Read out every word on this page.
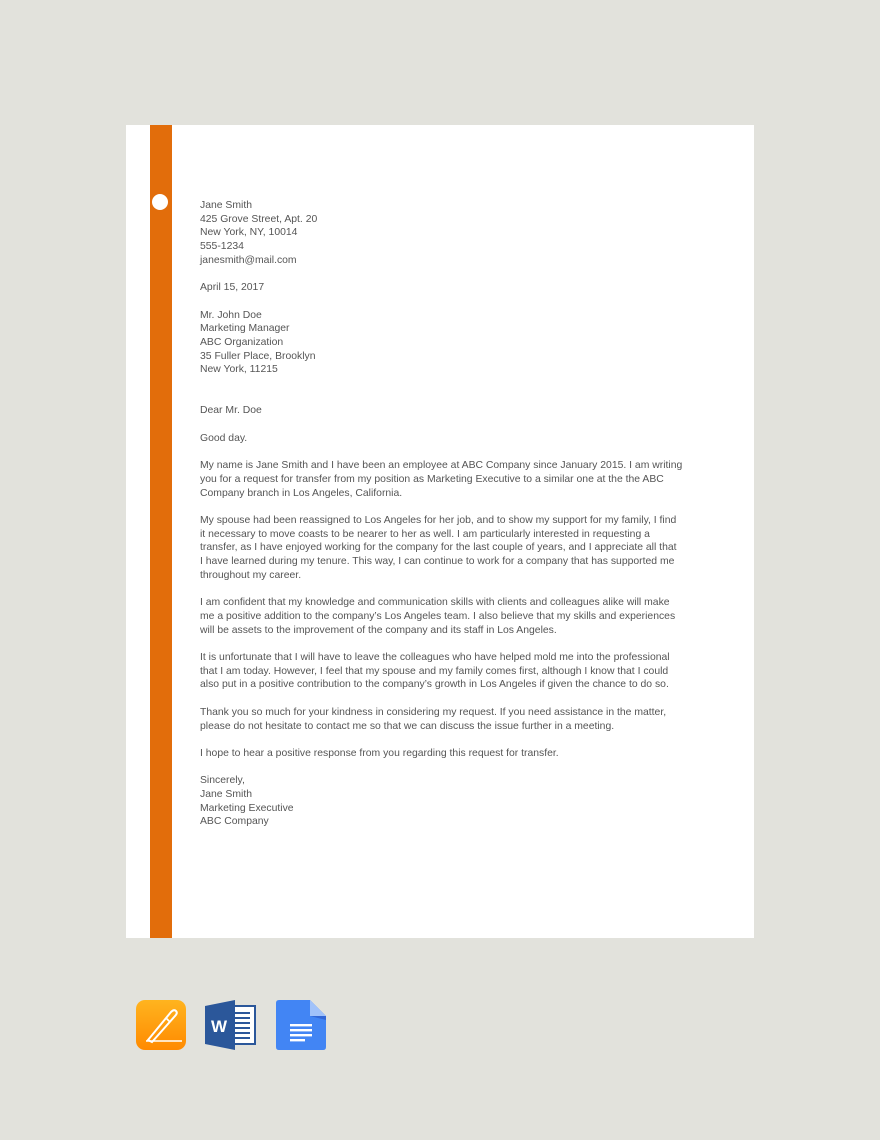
Jane Smith
425 Grove Street, Apt. 20
New York, NY, 10014
555-1234
janesmith@mail.com
April 15, 2017
Mr. John Doe
Marketing Manager
ABC Organization
35 Fuller Place, Brooklyn
New York, 11215
Dear Mr. Doe
Good day.
My name is Jane Smith and I have been an employee at ABC Company since January 2015. I am writing
you for a request for transfer from my position as Marketing Executive to a similar one at the the ABC
Company branch in Los Angeles, California.
My spouse had been reassigned to Los Angeles for her job, and to show my support for my family, I find
it necessary to move coasts to be nearer to her as well. I am particularly interested in requesting a
transfer, as I have enjoyed working for the company for the last couple of years, and I appreciate all that
I have learned during my tenure. This way, I can continue to work for a company that has supported me
throughout my career.
I am confident that my knowledge and communication skills with clients and colleagues alike will make
me a positive addition to the company’s Los Angeles team. I also believe that my skills and experiences
will be assets to the improvement of the company and its staff in Los Angeles.
It is unfortunate that I will have to leave the colleagues who have helped mold me into the professional
that I am today. However, I feel that my spouse and my family comes first, although I know that I could
also put in a positive contribution to the company’s growth in Los Angeles if given the chance to do so.
Thank you so much for your kindness in considering my request. If you need assistance in the matter,
please do not hesitate to contact me so that we can discuss the issue further in a meeting.
I hope to hear a positive response from you regarding this request for transfer.
Sincerely,
Jane Smith
Marketing Executive
ABC Company
W
